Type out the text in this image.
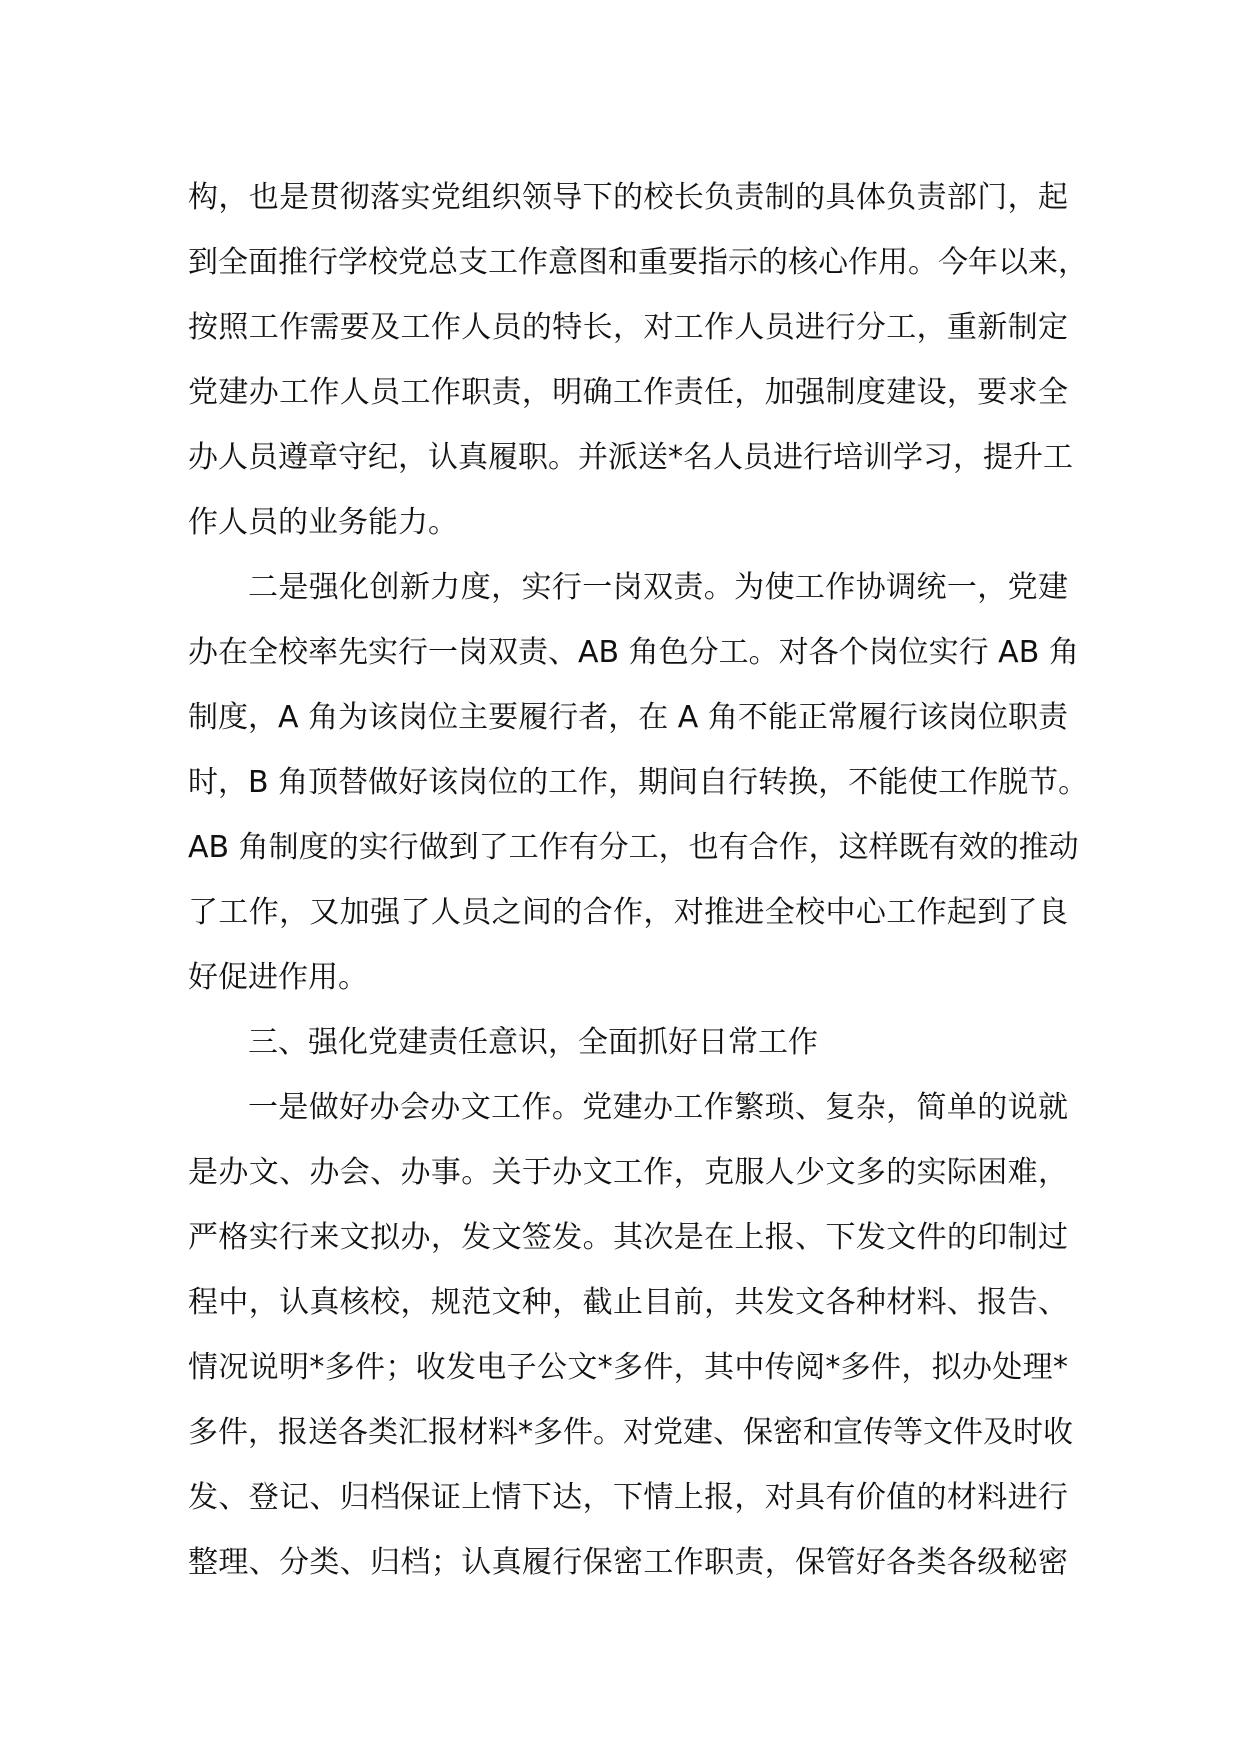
构，也是贯彻落实党组织领导下的校长负责制的具体负责部门，起
到全面推行学校党总支工作意图和重要指示的核心作用。今年以来，
按照工作需要及工作人员的特长，对工作人员进行分工，重新制定
党建办工作人员工作职责，明确工作责任，加强制度建设，要求全
办人员遵章守纪，认真履职。并派送*名人员进行培训学习，提升工
作人员的业务能力。
二是强化创新力度，实行一岗双责。为使工作协调统一，党建
办在全校率先实行一岗双责、AB 角色分工。对各个岗位实行 AB 角
制度，A 角为该岗位主要履行者，在 A 角不能正常履行该岗位职责
时，B 角顶替做好该岗位的工作，期间自行转换，不能使工作脱节。
AB 角制度的实行做到了工作有分工，也有合作，这样既有效的推动
了工作，又加强了人员之间的合作，对推进全校中心工作起到了良
好促进作用。
三、强化党建责任意识，全面抓好日常工作
一是做好办会办文工作。党建办工作繁琐、复杂，简单的说就
是办文、办会、办事。关于办文工作，克服人少文多的实际困难，
严格实行来文拟办，发文签发。其次是在上报、下发文件的印制过
程中，认真核校，规范文种，截止目前，共发文各种材料、报告、
情况说明*多件；收发电子公文*多件，其中传阅*多件，拟办处理*
多件，报送各类汇报材料*多件。对党建、保密和宣传等文件及时收
发、登记、归档保证上情下达，下情上报，对具有价值的材料进行
整理、分类、归档；认真履行保密工作职责，保管好各类各级秘密
